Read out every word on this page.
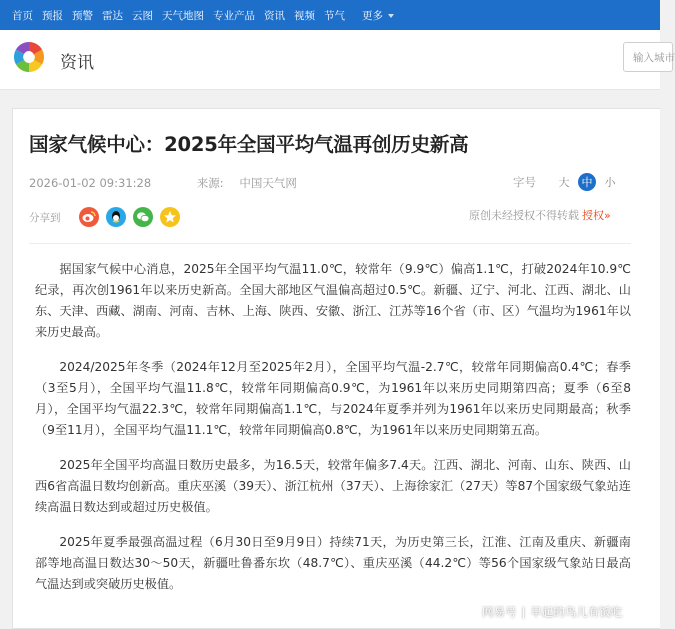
首页 预报 预警 雷达 云图 天气地图 专业产品 资讯 视频 节气 更多
资讯	输入城市
国家气候中心：2025年全国平均气温再创历史新高
2026-01-02 09:31:28	来源: 中国天气网	字号	大	中	小
分享到	原创未经授权不得转载 授权»

据国家气候中心消息，2025年全国平均气温11.0℃，较常年（9.9℃）偏高1.1℃，打破2024年10.9℃纪录，再次创1961年以来历史新高。全国大部地区气温偏高超过0.5℃。新疆、辽宁、河北、江西、湖北、山东、天津、西藏、湖南、河南、吉林、上海、陕西、安徽、浙江、江苏等16个省（市、区）气温均为1961年以来历史最高。

2024/2025年冬季（2024年12月至2025年2月），全国平均气温-2.7℃，较常年同期偏高0.4℃；春季（3至5月），全国平均气温11.8℃，较常年同期偏高0.9℃，为1961年以来历史同期第四高；夏季（6至8月），全国平均气温22.3℃，较常年同期偏高1.1℃，与2024年夏季并列为1961年以来历史同期最高；秋季（9至11月），全国平均气温11.1℃，较常年同期偏高0.8℃，为1961年以来历史同期第五高。

2025年全国平均高温日数历史最多，为16.5天，较常年偏多7.4天。江西、湖北、河南、山东、陕西、山西6省高温日数均创新高。重庆巫溪（39天）、浙江杭州（37天）、上海徐家汇（27天）等87个国家级气象站连续高温日数达到或超过历史极值。

2025年夏季最强高温过程（6月30日至9月9日）持续71天，为历史第三长，江淮、江南及重庆、新疆南部等地高温日数达30～50天，新疆吐鲁番东坎（48.7℃）、重庆巫溪（44.2℃）等56个国家级气象站日最高气温达到或突破历史极值。

网易号 | 早起的鸟儿有饭吃
